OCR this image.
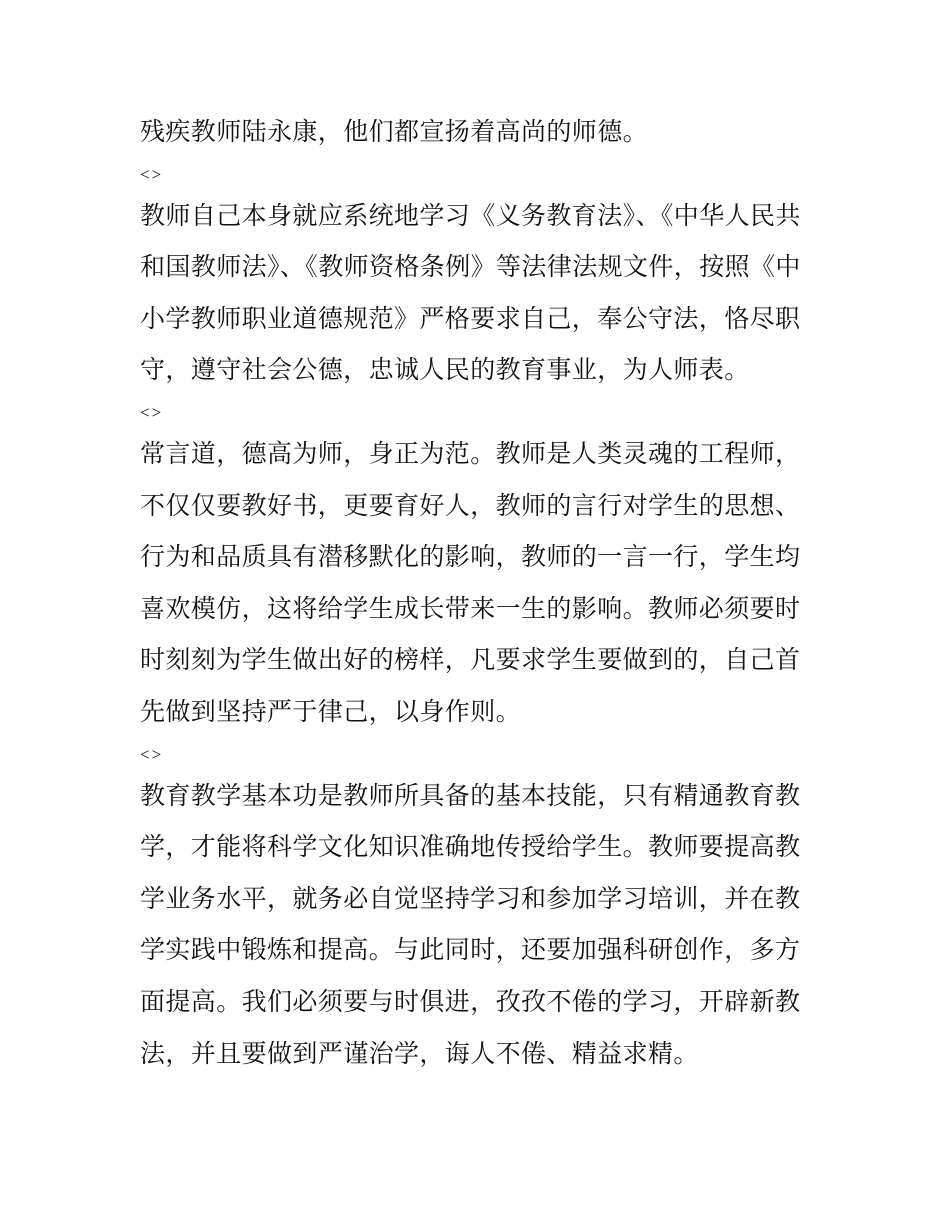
残疾教师陆永康，他们都宣扬着高尚的师德。

<>

教师自己本身就应系统地学习《义务教育法》、《中华人民共和国教师法》、《教师资格条例》等法律法规文件，按照《中小学教师职业道德规范》严格要求自己，奉公守法，恪尽职守，遵守社会公德，忠诚人民的教育事业，为人师表。

<>

常言道，德高为师，身正为范。教师是人类灵魂的工程师，不仅仅要教好书，更要育好人，教师的言行对学生的思想、行为和品质具有潜移默化的影响，教师的一言一行，学生均喜欢模仿，这将给学生成长带来一生的影响。教师必须要时时刻刻为学生做出好的榜样，凡要求学生要做到的，自己首先做到坚持严于律己，以身作则。

<>

教育教学基本功是教师所具备的基本技能，只有精通教育教学，才能将科学文化知识准确地传授给学生。教师要提高教学业务水平，就务必自觉坚持学习和参加学习培训，并在教学实践中锻炼和提高。与此同时，还要加强科研创作，多方面提高。我们必须要与时俱进，孜孜不倦的学习，开辟新教法，并且要做到严谨治学，诲人不倦、精益求精。
